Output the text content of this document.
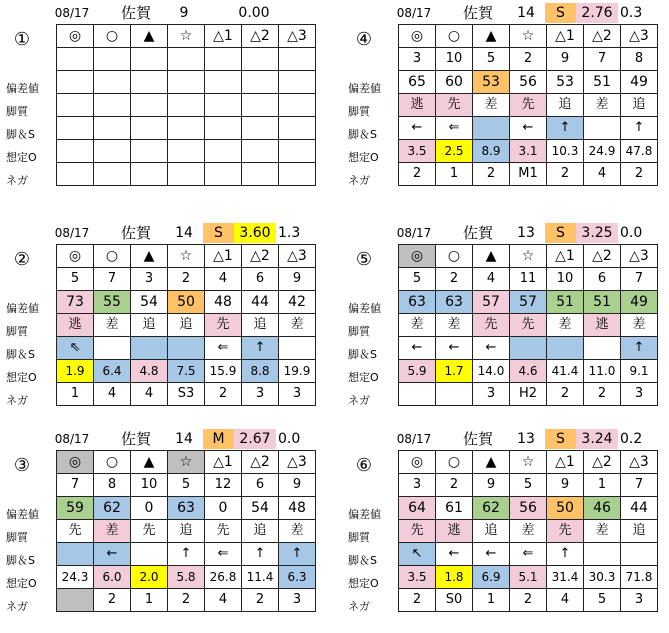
08/17	佐賀	9	0.00
①
偏差値
脚質
脚＆S
想定O
ネガ
◎	○	▲	☆	△1	△2	△3

08/17	佐賀	14	S	2.76 0.3
④
偏差値
脚質
脚＆S
想定O
ネガ
◎	○	▲	☆	△1	△2	△3
3	10	5	2	9	7	8
65	60	53	56	53	51	49
逃	先	差	先	追	差	追
←	⇐		←	↑		↑
3.5	2.5	8.9	3.1	10.3	24.9	47.8
2	1	2	M1	2	4	2
08/17	佐賀	14	S	3.60 1.3
②
偏差値
脚質
脚＆S
想定O
ネガ
◎	○	▲	☆	△1	△2	△3
5	7	3	2	4	6	9
73	55	54	50	48	44	42
逃	差	追	追	先	追	差
⇖				⇐	↑	
1.9	6.4	4.8	7.5	15.9	8.8	19.9
1	4	4	S3	2	3	3
08/17	佐賀	13	S	3.25 0.0
⑤
偏差値
脚質
脚＆S
想定O
ネガ
◎	○	▲	☆	△1	△2	△3
5	2	4	11	10	6	7
63	63	57	57	51	51	49
差	差	先	先	差	逃	差
←	←	←				↑
5.9	1.7	14.0	4.6	41.4	11.0	9.1
		3	H2	2	2	3
08/17	佐賀	14	M	2.67 0.0
③
偏差値
脚質
脚＆S
想定O
ネガ
◎	○	▲	☆	△1	△2	△3
7	8	10	5	12	6	9
59	62	0	63	0	54	48
先	差	先	追	先	追	差
	←		↑	⇐	↑	↑
24.3	6.0	2.0	5.8	26.8	11.4	6.3
	2	1	2	4	2	3
08/17	佐賀	13	S	3.24 0.2
⑥
偏差値
脚質
脚＆S
想定O
ネガ
◎	○	▲	☆	△1	△2	△3
3	2	9	5	9	1	7
64	61	62	56	50	46	44
先	逃	追	差	先	差	追
↖	←	←	⇐	↑		
3.5	1.8	6.9	5.1	31.4	30.3	71.8
2	S0	1	2	4	5	3
